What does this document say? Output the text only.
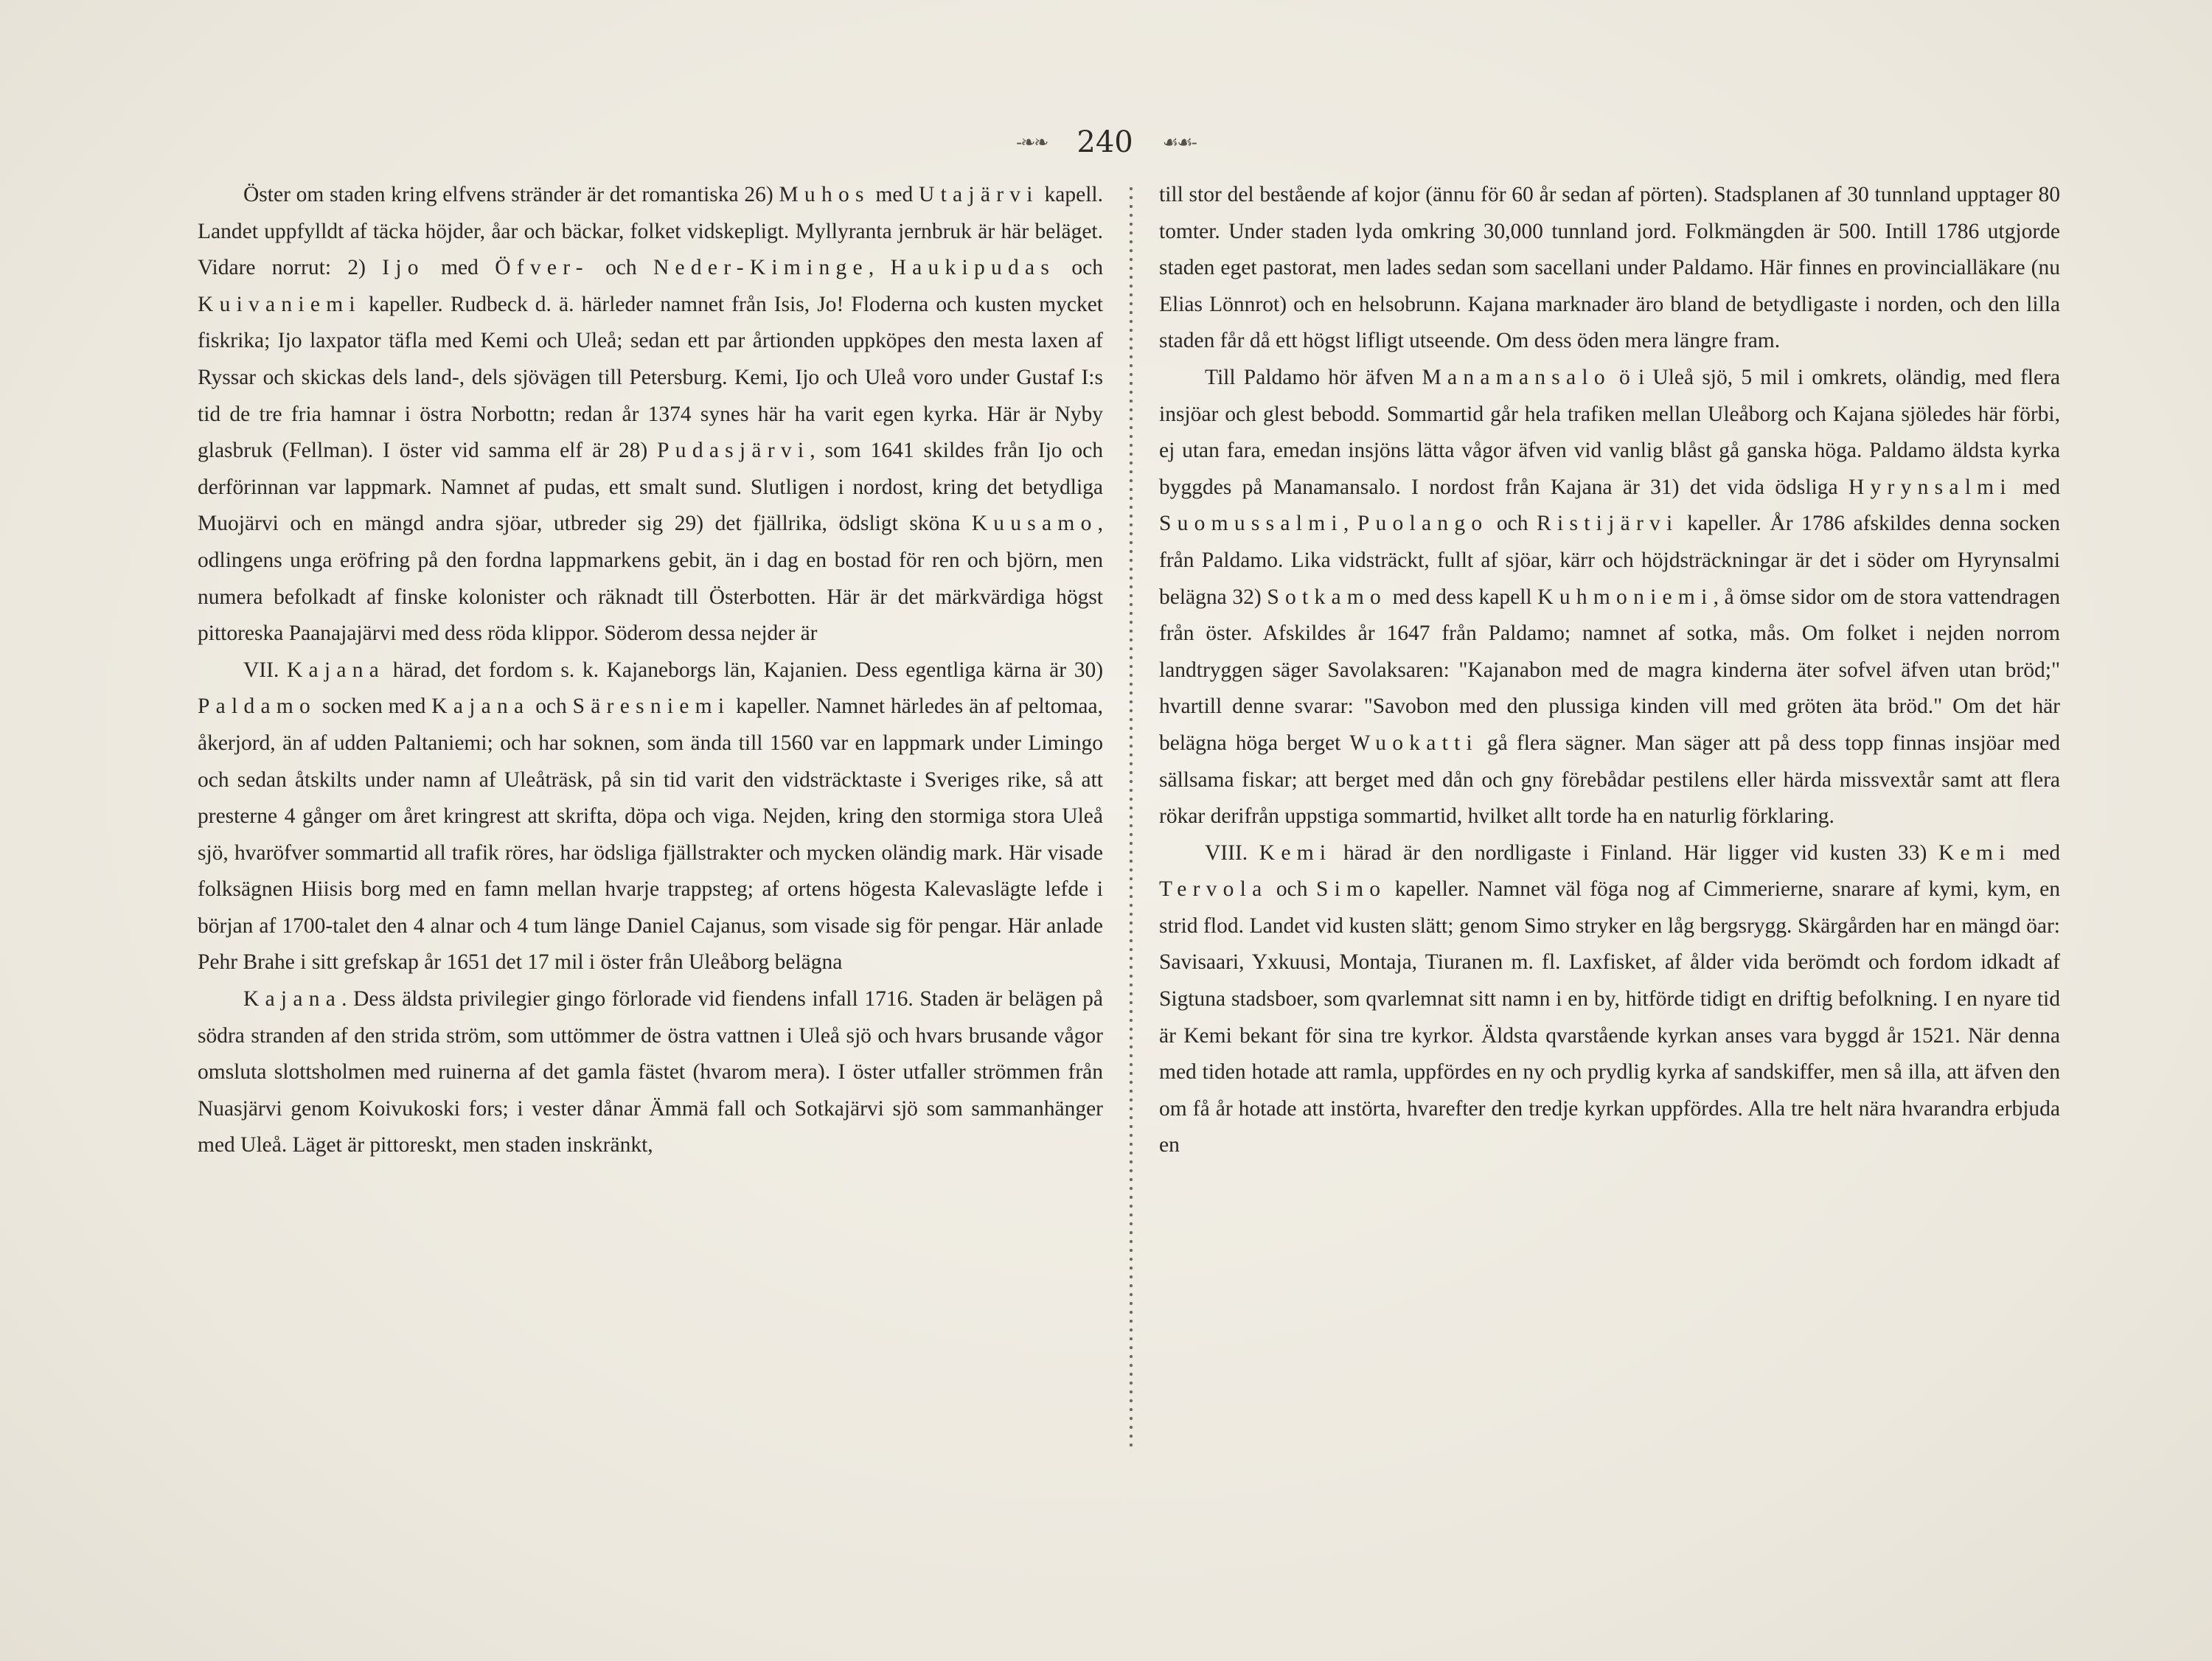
-❧❧ 240 ☙☙-

Öster om staden kring elfvens stränder är det romantiska 26) Muhos med Utajärvi kapell. Landet uppfylldt af täcka höjder, åar och bäckar, folket vidskepligt. Myllyranta jernbruk är här beläget. Vidare norrut: 2) Ijo med Öfver- och Neder-Kiminge, Haukipudas och Kuivaniemi kapeller. Rudbeck d. ä. härleder namnet från Isis, Jo! Floderna och kusten mycket fiskrika; Ijo laxpator täfla med Kemi och Uleå; sedan ett par årtionden uppköpes den mesta laxen af Ryssar och skickas dels land-, dels sjövägen till Petersburg. Kemi, Ijo och Uleå voro under Gustaf I:s tid de tre fria hamnar i östra Norbottn; redan år 1374 synes här ha varit egen kyrka. Här är Nyby glasbruk (Fellman). I öster vid samma elf är 28) Pudasjärvi, som 1641 skildes från Ijo och derförinnan var lappmark. Namnet af pudas, ett smalt sund. Slutligen i nordost, kring det betydliga Muojärvi och en mängd andra sjöar, utbreder sig 29) det fjällrika, ödsligt sköna Kuusamo, odlingens unga eröfring på den fordna lappmarkens gebit, än i dag en bostad för ren och björn, men numera befolkadt af finske kolonister och räknadt till Österbotten. Här är det märkvärdiga högst pittoreska Paanajajärvi med dess röda klippor. Söderom dessa nejder är

VII. Kajana härad, det fordom s. k. Kajaneborgs län, Kajanien. Dess egentliga kärna är 30) Paldamo socken med Kajana och Säresniemi kapeller. Namnet härledes än af peltomaa, åkerjord, än af udden Paltaniemi; och har soknen, som ända till 1560 var en lappmark under Limingo och sedan åtskilts under namn af Uleåträsk, på sin tid varit den vidsträcktaste i Sveriges rike, så att presterne 4 gånger om året kringrest att skrifta, döpa och viga. Nejden, kring den stormiga stora Uleå sjö, hvaröfver sommartid all trafik röres, har ödsliga fjällstrakter och mycken oländig mark. Här visade folksägnen Hiisis borg med en famn mellan hvarje trappsteg; af ortens högesta Kalevaslägte lefde i början af 1700-talet den 4 alnar och 4 tum länge Daniel Cajanus, som visade sig för pengar. Här anlade Pehr Brahe i sitt grefskap år 1651 det 17 mil i öster från Uleåborg belägna

Kajana. Dess äldsta privilegier gingo förlorade vid fiendens infall 1716. Staden är belägen på södra stranden af den strida ström, som uttömmer de östra vattnen i Uleå sjö och hvars brusande vågor omsluta slottsholmen med ruinerna af det gamla fästet (hvarom mera). I öster utfaller strömmen från Nuasjärvi genom Koivukoski fors; i vester dånar Ämmä fall och Sotkajärvi sjö som sammanhänger med Uleå. Läget är pittoreskt, men staden inskränkt,

till stor del bestående af kojor (ännu för 60 år sedan af pörten). Stadsplanen af 30 tunnland upptager 80 tomter. Under staden lyda omkring 30,000 tunnland jord. Folkmängden är 500. Intill 1786 utgjorde staden eget pastorat, men lades sedan som sacellani under Paldamo. Här finnes en provincialläkare (nu Elias Lönnrot) och en helsobrunn. Kajana marknader äro bland de betydligaste i norden, och den lilla staden får då ett högst lifligt utseende. Om dess öden mera längre fram.

Till Paldamo hör äfven Manamansalo ö i Uleå sjö, 5 mil i omkrets, oländig, med flera insjöar och glest bebodd. Sommartid går hela trafiken mellan Uleåborg och Kajana sjöledes här förbi, ej utan fara, emedan insjöns lätta vågor äfven vid vanlig blåst gå ganska höga. Paldamo äldsta kyrka byggdes på Manamansalo. I nordost från Kajana är 31) det vida ödsliga Hyrynsalmi med Suomussalmi, Puolango och Ristijärvi kapeller. År 1786 afskildes denna socken från Paldamo. Lika vidsträckt, fullt af sjöar, kärr och höjdsträckningar är det i söder om Hyrynsalmi belägna 32) Sotkamo med dess kapell Kuhmoniemi, å ömse sidor om de stora vattendragen från öster. Afskildes år 1647 från Paldamo; namnet af sotka, mås. Om folket i nejden norrom landtryggen säger Savolaksaren: "Kajanabon med de magra kinderna äter sofvel äfven utan bröd;" hvartill denne svarar: "Savobon med den plussiga kinden vill med gröten äta bröd." Om det här belägna höga berget Wuokatti gå flera sägner. Man säger att på dess topp finnas insjöar med sällsama fiskar; att berget med dån och gny förebådar pestilens eller härda missvextår samt att flera rökar derifrån uppstiga sommartid, hvilket allt torde ha en naturlig förklaring.

VIII. Kemi härad är den nordligaste i Finland. Här ligger vid kusten 33) Kemi med Tervola och Simo kapeller. Namnet väl föga nog af Cimmerierne, snarare af kymi, kym, en strid flod. Landet vid kusten slätt; genom Simo stryker en låg bergsrygg. Skärgården har en mängd öar: Savisaari, Yxkuusi, Montaja, Tiuranen m. fl. Laxfisket, af ålder vida berömdt och fordom idkadt af Sigtuna stadsboer, som qvarlemnat sitt namn i en by, hitförde tidigt en driftig befolkning. I en nyare tid är Kemi bekant för sina tre kyrkor. Äldsta qvarstående kyrkan anses vara byggd år 1521. När denna med tiden hotade att ramla, uppfördes en ny och prydlig kyrka af sandskiffer, men så illa, att äfven den om få år hotade att instörta, hvarefter den tredje kyrkan uppfördes. Alla tre helt nära hvarandra erbjuda en
